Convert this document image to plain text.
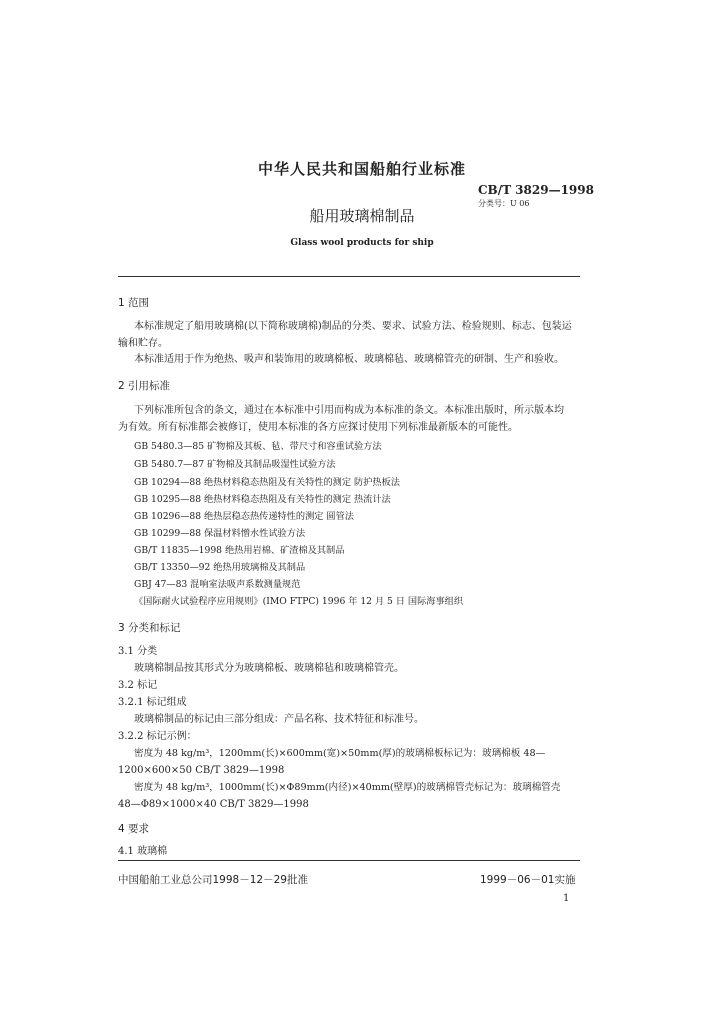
中华人民共和国船舶行业标准
CB/T 3829—1998
分类号：U 06
船用玻璃棉制品
Glass wool products for ship
1 范围
本标准规定了船用玻璃棉(以下简称玻璃棉)制品的分类、要求、试验方法、检验规则、标志、包装运
输和贮存。
本标准适用于作为绝热、吸声和装饰用的玻璃棉板、玻璃棉毡、玻璃棉管壳的研制、生产和验收。
2 引用标准
下列标准所包含的条文，通过在本标准中引用而构成为本标准的条文。本标准出版时，所示版本均
为有效。所有标准都会被修订，使用本标准的各方应探讨使用下列标准最新版本的可能性。
GB 5480.3—85 矿物棉及其板、毡、带尺寸和容重试验方法
GB 5480.7—87 矿物棉及其制品吸湿性试验方法
GB 10294—88 绝热材料稳态热阻及有关特性的测定 防护热板法
GB 10295—88 绝热材料稳态热阻及有关特性的测定 热流计法
GB 10296—88 绝热层稳态热传递特性的测定 圆管法
GB 10299—88 保温材料憎水性试验方法
GB/T 11835—1998 绝热用岩棉、矿渣棉及其制品
GB/T 13350—92 绝热用玻璃棉及其制品
GBJ 47—83 混响室法吸声系数测量规范
《国际耐火试验程序应用规则》(IMO FTPC) 1996 年 12 月 5 日 国际海事组织
3 分类和标记
3.1 分类
玻璃棉制品按其形式分为玻璃棉板、玻璃棉毡和玻璃棉管壳。
3.2 标记
3.2.1 标记组成
玻璃棉制品的标记由三部分组成：产品名称、技术特征和标准号。
3.2.2 标记示例：
密度为 48 kg/m³，1200mm(长)×600mm(宽)×50mm(厚)的玻璃棉板标记为：玻璃棉板 48—
1200×600×50 CB/T 3829—1998
密度为 48 kg/m³，1000mm(长)×Φ89mm(内径)×40mm(壁厚)的玻璃棉管壳标记为：玻璃棉管壳
48—Φ89×1000×40 CB/T 3829—1998
4 要求
4.1 玻璃棉
中国船舶工业总公司1998－12－29批准	1999－06－01实施
1
